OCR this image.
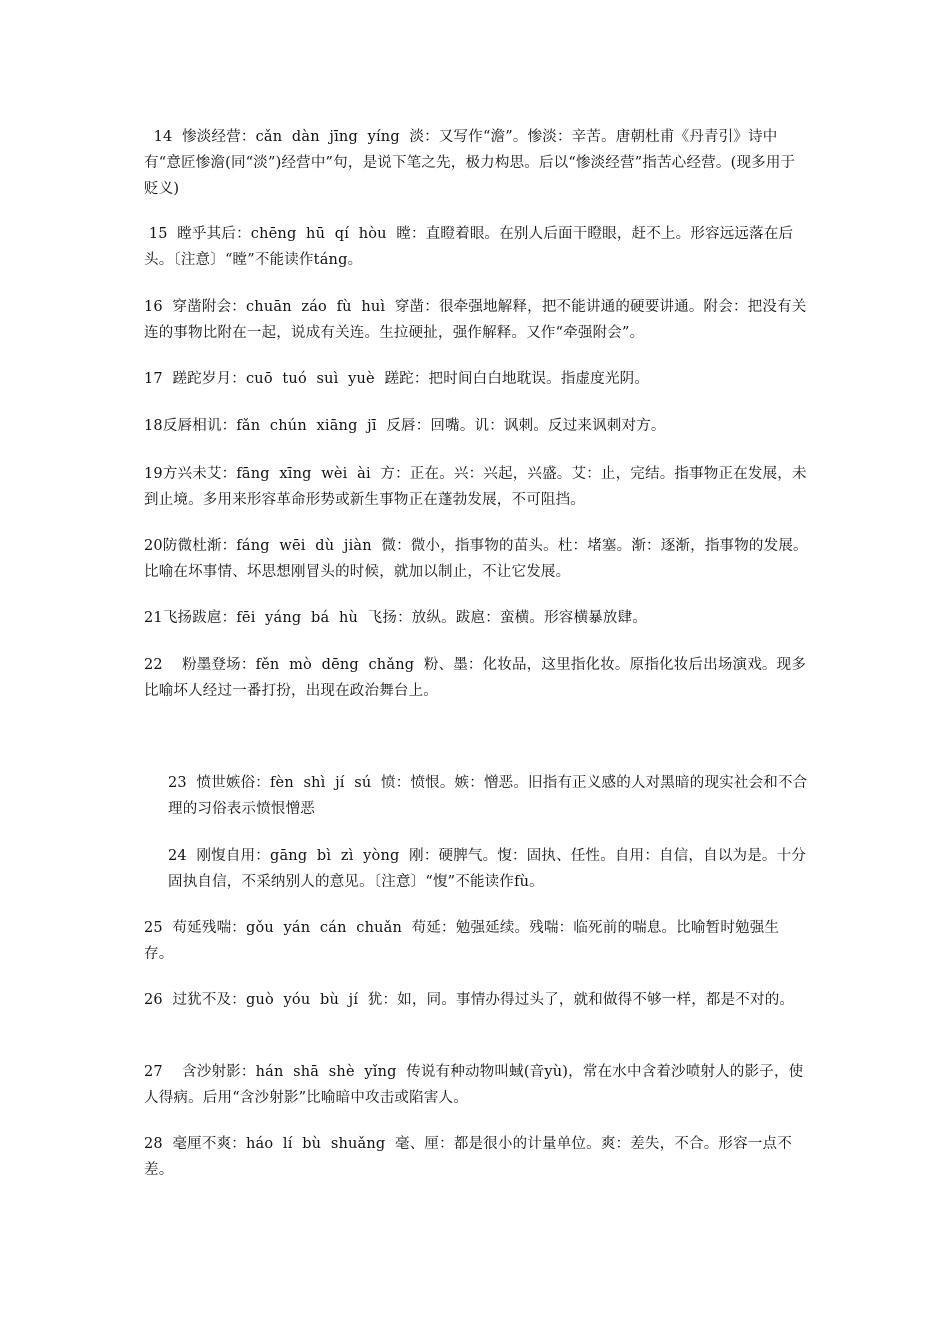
14  惨淡经营：cǎn  dàn  jīng  yíng  淡：又写作“澹”。惨淡：辛苦。唐朝杜甫《丹青引》诗中有“意匠惨澹(同“淡”)经营中”句，是说下笔之先，极力构思。后以“惨淡经营”指苦心经营。(现多用于贬义)
15  瞠乎其后：chēng  hū  qí  hòu  瞠：直瞪着眼。在别人后面干瞪眼，赶不上。形容远远落在后头。〔注意〕“瞠”不能读作táng。
16  穿凿附会：chuān  záo  fù  huì  穿凿：很牵强地解释，把不能讲通的硬要讲通。附会：把没有关连的事物比附在一起，说成有关连。生拉硬扯，强作解释。又作“牵强附会”。
17  蹉跎岁月：cuō  tuó  suì  yuè  蹉跎：把时间白白地耽误。指虚度光阴。
18反唇相讥：fǎn  chún  xiāng  jī  反唇：回嘴。讥：讽刺。反过来讽刺对方。
19方兴未艾：fāng  xīng  wèi  ài  方：正在。兴：兴起，兴盛。艾：止，完结。指事物正在发展，未到止境。多用来形容革命形势或新生事物正在蓬勃发展，不可阻挡。
20防微杜渐：fáng  wēi  dù  jiàn  微：微小，指事物的苗头。杜：堵塞。渐：逐渐，指事物的发展。比喻在坏事情、坏思想刚冒头的时候，就加以制止，不让它发展。
21飞扬跋扈：fēi  yáng  bá  hù  飞扬：放纵。跋扈：蛮横。形容横暴放肆。
22    粉墨登场：fěn  mò  dēng  chǎng  粉、墨：化妆品，这里指化妆。原指化妆后出场演戏。现多比喻坏人经过一番打扮，出现在政治舞台上。
23  愤世嫉俗：fèn  shì  jí  sú  愤：愤恨。嫉：憎恶。旧指有正义感的人对黑暗的现实社会和不合理的习俗表示愤恨憎恶
24  刚愎自用：gāng  bì  zì  yòng  刚：硬脾气。愎：固执、任性。自用：自信，自以为是。十分固执自信，不采纳别人的意见。〔注意〕“愎”不能读作fù。
25  苟延残喘：gǒu  yán  cán  chuǎn  苟延：勉强延续。残喘：临死前的喘息。比喻暂时勉强生存。
26  过犹不及：guò  yóu  bù  jí  犹：如，同。事情办得过头了，就和做得不够一样，都是不对的。
27    含沙射影：hán  shā  shè  yǐng  传说有种动物叫蜮(音yù)，常在水中含着沙喷射人的影子，使人得病。后用“含沙射影”比喻暗中攻击或陷害人。
28  毫厘不爽：háo  lí  bù  shuǎng  毫、厘：都是很小的计量单位。爽：差失，不合。形容一点不差。
